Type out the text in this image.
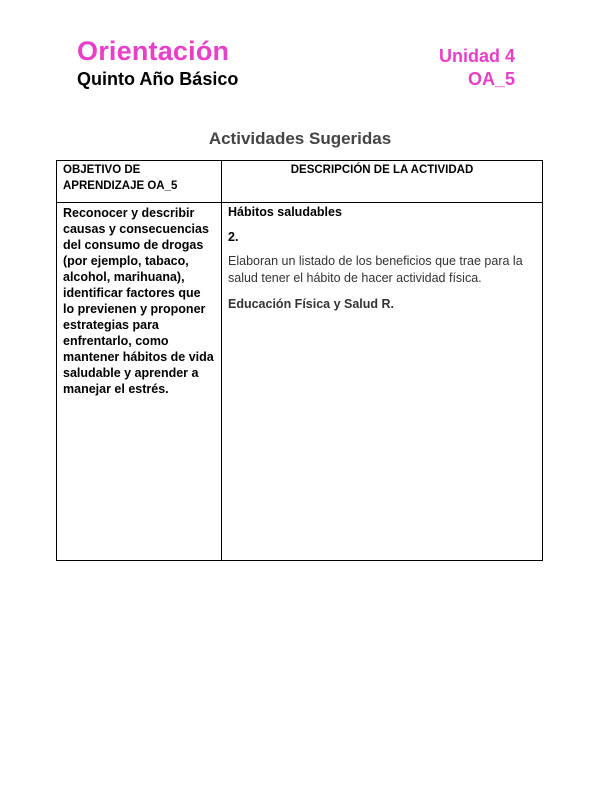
Orientación
Quinto Año Básico
Unidad 4
OA_5
Actividades Sugeridas
OBJETIVO DE APRENDIZAJE OA_5
DESCRIPCIÓN DE LA ACTIVIDAD
Reconocer y describir causas y consecuencias del consumo de drogas (por ejemplo, tabaco, alcohol, marihuana), identificar factores que lo previenen y proponer estrategias para enfrentarlo, como mantener hábitos de vida saludable y aprender a manejar el estrés.

Hábitos saludables

2.

Elaboran un listado de los beneficios que trae para la salud tener el hábito de hacer actividad física.

Educación Física y Salud R.
